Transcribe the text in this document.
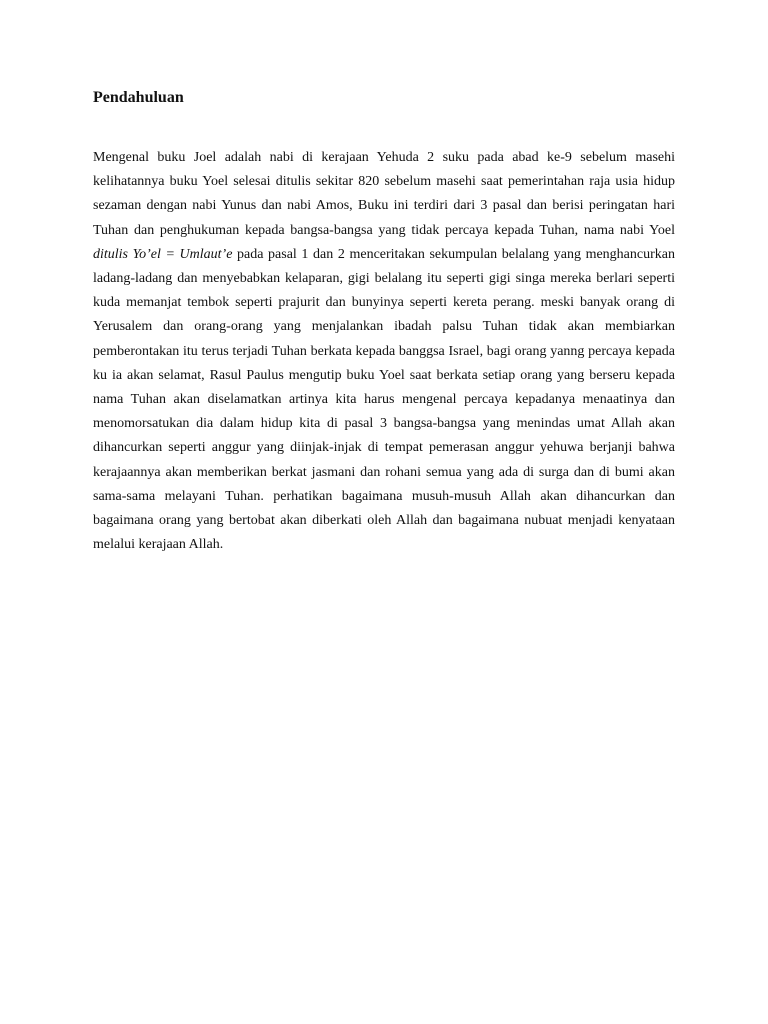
Pendahuluan

Mengenal buku Joel adalah nabi di kerajaan Yehuda 2 suku pada abad ke-9 sebelum masehi kelihatannya buku Yoel selesai ditulis sekitar 820 sebelum masehi saat pemerintahan raja usia hidup sezaman dengan nabi Yunus dan nabi Amos, Buku ini terdiri dari 3 pasal dan berisi peringatan hari Tuhan dan penghukuman kepada bangsa-bangsa yang tidak percaya kepada Tuhan, nama nabi Yoel ditulis Yo’el = Umlaut’e pada pasal 1 dan 2 menceritakan sekumpulan belalang yang menghancurkan ladang-ladang dan menyebabkan kelaparan, gigi belalang itu seperti gigi singa mereka berlari seperti kuda memanjat tembok seperti prajurit dan bunyinya seperti kereta perang. meski banyak orang di Yerusalem dan orang-orang yang menjalankan ibadah palsu Tuhan tidak akan membiarkan pemberontakan itu terus terjadi Tuhan berkata kepada banggsa Israel, bagi orang yanng percaya kepada ku ia akan selamat, Rasul Paulus mengutip buku Yoel saat berkata setiap orang yang berseru kepada nama Tuhan akan diselamatkan artinya kita harus mengenal percaya kepadanya menaatinya dan menomorsatukan dia dalam hidup kita di pasal 3 bangsa-bangsa yang menindas umat Allah akan dihancurkan seperti anggur yang diinjak-injak di tempat pemerasan anggur yehuwa berjanji bahwa kerajaannya akan memberikan berkat jasmani dan rohani semua yang ada di surga dan di bumi akan sama-sama melayani Tuhan. perhatikan bagaimana musuh-musuh Allah akan dihancurkan dan bagaimana orang yang bertobat akan diberkati oleh Allah dan bagaimana nubuat menjadi kenyataan melalui kerajaan Allah.
